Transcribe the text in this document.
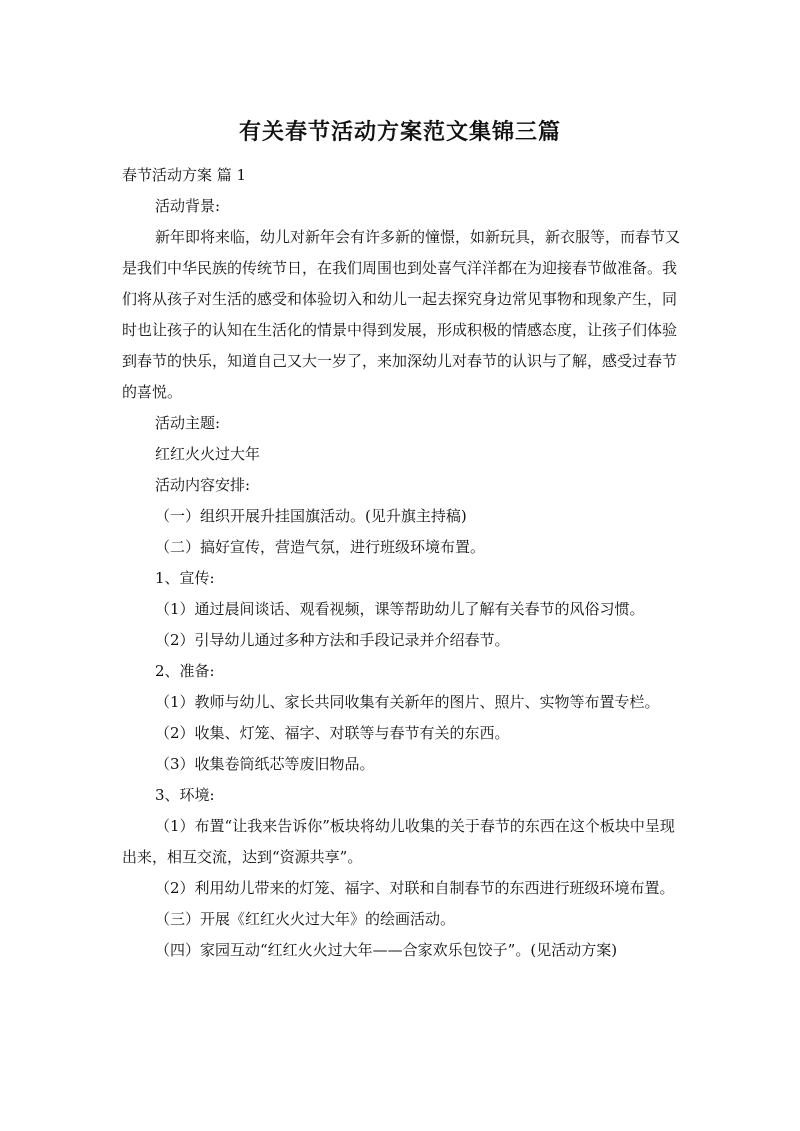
有关春节活动方案范文集锦三篇

春节活动方案 篇 1

活动背景:

新年即将来临，幼儿对新年会有许多新的憧憬，如新玩具，新衣服等，而春节又是我们中华民族的传统节日，在我们周围也到处喜气洋洋都在为迎接春节做准备。我们将从孩子对生活的感受和体验切入和幼儿一起去探究身边常见事物和现象产生，同时也让孩子的认知在生活化的情景中得到发展，形成积极的情感态度，让孩子们体验到春节的快乐，知道自己又大一岁了，来加深幼儿对春节的认识与了解，感受过春节的喜悦。

活动主题:

红红火火过大年

活动内容安排:

（一）组织开展升挂国旗活动。(见升旗主持稿)

（二）搞好宣传，营造气氛，进行班级环境布置。

1、宣传:

（1）通过晨间谈话、观看视频，课等帮助幼儿了解有关春节的风俗习惯。

（2）引导幼儿通过多种方法和手段记录并介绍春节。

2、准备:

（1）教师与幼儿、家长共同收集有关新年的图片、照片、实物等布置专栏。

（2）收集、灯笼、福字、对联等与春节有关的东西。

（3）收集卷筒纸芯等废旧物品。

3、环境:

（1）布置“让我来告诉你”板块将幼儿收集的关于春节的东西在这个板块中呈现出来，相互交流，达到“资源共享”。

（2）利用幼儿带来的灯笼、福字、对联和自制春节的东西进行班级环境布置。

（三）开展《红红火火过大年》的绘画活动。

（四）家园互动“红红火火过大年——合家欢乐包饺子”。(见活动方案)
